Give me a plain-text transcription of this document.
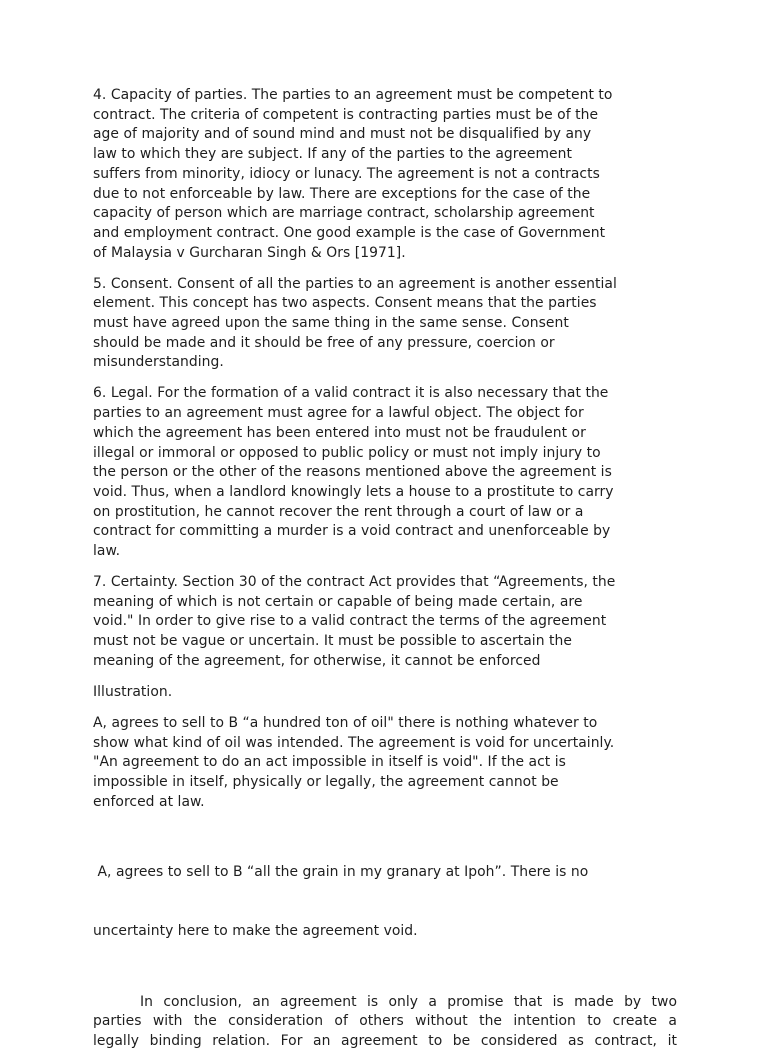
4. Capacity of parties. The parties to an agreement must be competent to
contract. The criteria of competent is contracting parties must be of the
age of majority and of sound mind and must not be disqualified by any
law to which they are subject. If any of the parties to the agreement
suffers from minority, idiocy or lunacy. The agreement is not a contracts
due to not enforceable by law. There are exceptions for the case of the
capacity of person which are marriage contract, scholarship agreement
and employment contract. One good example is the case of Government
of Malaysia v Gurcharan Singh & Ors [1971].

5. Consent. Consent of all the parties to an agreement is another essential
element. This concept has two aspects. Consent means that the parties
must have agreed upon the same thing in the same sense. Consent
should be made and it should be free of any pressure, coercion or
misunderstanding.

6. Legal. For the formation of a valid contract it is also necessary that the
parties to an agreement must agree for a lawful object. The object for
which the agreement has been entered into must not be fraudulent or
illegal or immoral or opposed to public policy or must not imply injury to
the person or the other of the reasons mentioned above the agreement is
void. Thus, when a landlord knowingly lets a house to a prostitute to carry
on prostitution, he cannot recover the rent through a court of law or a
contract for committing a murder is a void contract and unenforceable by
law.

7. Certainty. Section 30 of the contract Act provides that “Agreements, the
meaning of which is not certain or capable of being made certain, are
void." In order to give rise to a valid contract the terms of the agreement
must not be vague or uncertain. It must be possible to ascertain the
meaning of the agreement, for otherwise, it cannot be enforced

Illustration.

A, agrees to sell to B “a hundred ton of oil" there is nothing whatever to
show what kind of oil was intended. The agreement is void for uncertainly.
"An agreement to do an act impossible in itself is void". If the act is
impossible in itself, physically or legally, the agreement cannot be
enforced at law.

A, agrees to sell to B “all the grain in my granary at Ipoh”. There is no

uncertainty here to make the agreement void.

In conclusion, an agreement is only a promise that is made by two
parties with the consideration of others without the intention to create a
legally binding relation. For an agreement to be considered as contract, it
